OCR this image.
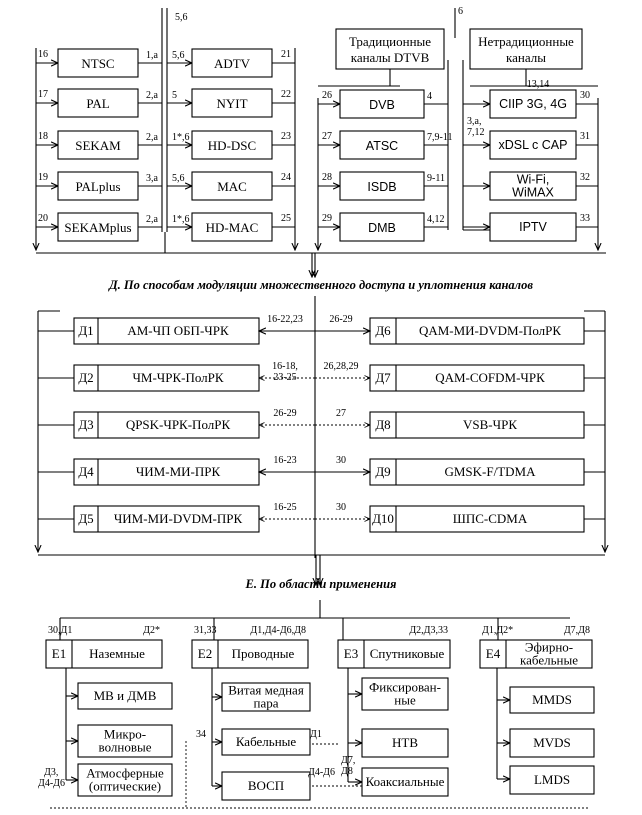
5,6
6
NTSC	ADTV
16	1,a 5,6	21
PAL	NYIT
17	2,a 5	22
SEKAM	HD-DSC
18	2,a 1*,6	23
PALplus	MAC
19	3,a 5,6	24
SEKAMplus	HD-MAC
20	2,a 1*,6	25
Традиционные
каналы DTVB
Нетрадиционные
каналы
DVB
26	4
ATSC
27	7,9-11
ISDB
28	9-11
DMB
29	4,12
CIIP 3G, 4G
30
13,14
xDSL с CAP
31
Wi-Fi,
WiMAX
32
IPTV
33
3,a,
7,12
Д. По способам модуляции множественного доступа и уплотнения каналов
Д1	АМ-ЧП ОБП-ЧРК	Д6 QAM-МИ-DVDM-ПолРК
16-22,23	26-29
Д2	ЧМ-ЧРК-ПолРК	Д7	QAM-COFDM-ЧРК
16-18,
23-25
26,28,29
Д3 QPSK-ЧРК-ПолРК	Д8	VSB-ЧРК
26-29	27
Д4	ЧИМ-МИ-ПРК	Д9	GMSK-F/TDMA
16-23	30
Д5 ЧИМ-МИ-DVDM-ПРК	Д10	ШПС-CDMA
16-25	30
Е. По области применения
Е1 Наземные
30,Д1	Д2*
Е2 Проводные
31,33	Д1,Д4-Д6,Д8
Е3 Спутниковые
Д2,Д3,33
Е4 Эфирно-
кабельные
Д1,Д2*	Д7,Д8
МВ и ДМВ
Микро-
волновые
Атмосферные
(оптические)
Витая медная
пара
Кабельные
ВОСП
Фиксирован-
ные
НТВ
Коаксиальные
MMDS
MVDS
LMDS
Д3,
Д4-Д6
34	Д1
Д4-Д6
Д7,
Д8
